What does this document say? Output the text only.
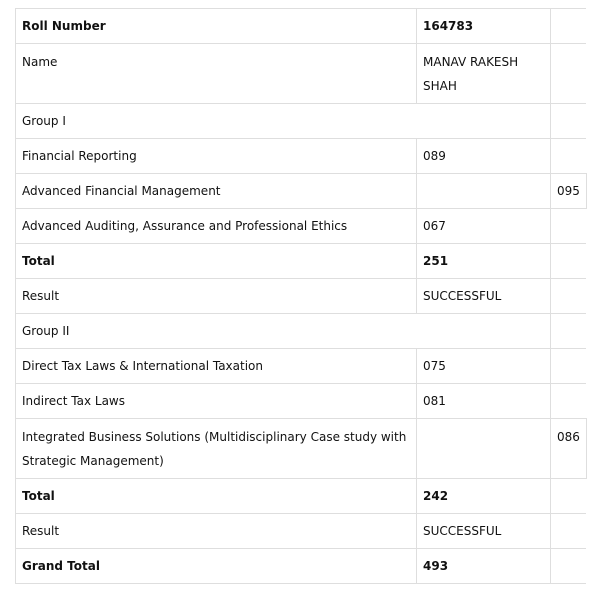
Roll Number	164783	
Name	MANAV RAKESH SHAH	
Group I		
Financial Reporting	089	
Advanced Financial Management		095
Advanced Auditing, Assurance and Professional Ethics	067	
Total	251	
Result	SUCCESSFUL	
Group II		
Direct Tax Laws & International Taxation	075	
Indirect Tax Laws	081	
Integrated Business Solutions (Multidisciplinary Case study with Strategic Management)		086
Total	242	
Result	SUCCESSFUL	
Grand Total	493	
